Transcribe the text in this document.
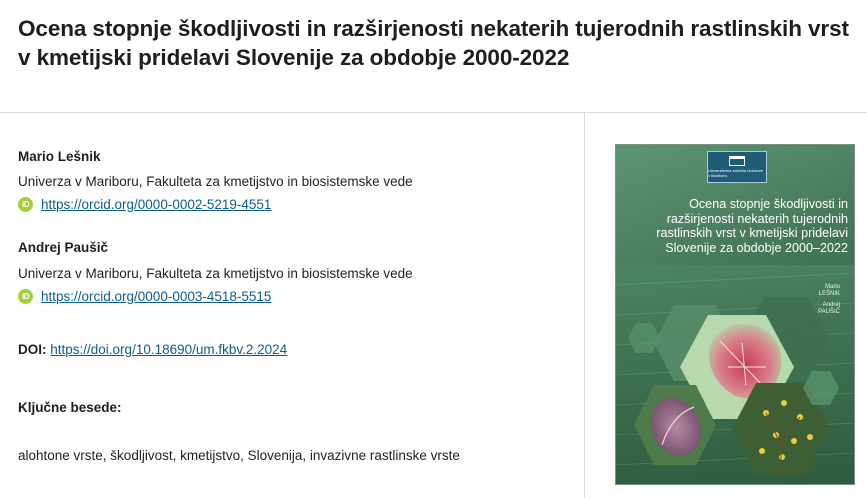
Ocena stopnje škodljivosti in razširjenosti nekaterih tujerodnih rastlinskih vrst v kmetijski pridelavi Slovenije za obdobje 2000-2022
Mario Lešnik
Univerza v Mariboru, Fakulteta za kmetijstvo in biosistemske vede
iD https://orcid.org/0000-0002-5219-4551
Andrej Paušič
Univerza v Mariboru, Fakulteta za kmetijstvo in biosistemske vede
iD https://orcid.org/0000-0003-4518-5515
DOI: https://doi.org/10.18690/um.fkbv.2.2024
Ključne besede:
alohtone vrste, škodljivost, kmetijstvo, Slovenija, invazivne rastlinske vrste
Univerzitetna založba Univerze v Mariboru
Ocena stopnje škodljivosti in razširjenosti nekaterih tujerodnih rastlinskih vrst v kmetijski pridelavi Slovenije za obdobje 2000–2022
Mario
LEŠNIK
Andrej
PAUŠIČ
